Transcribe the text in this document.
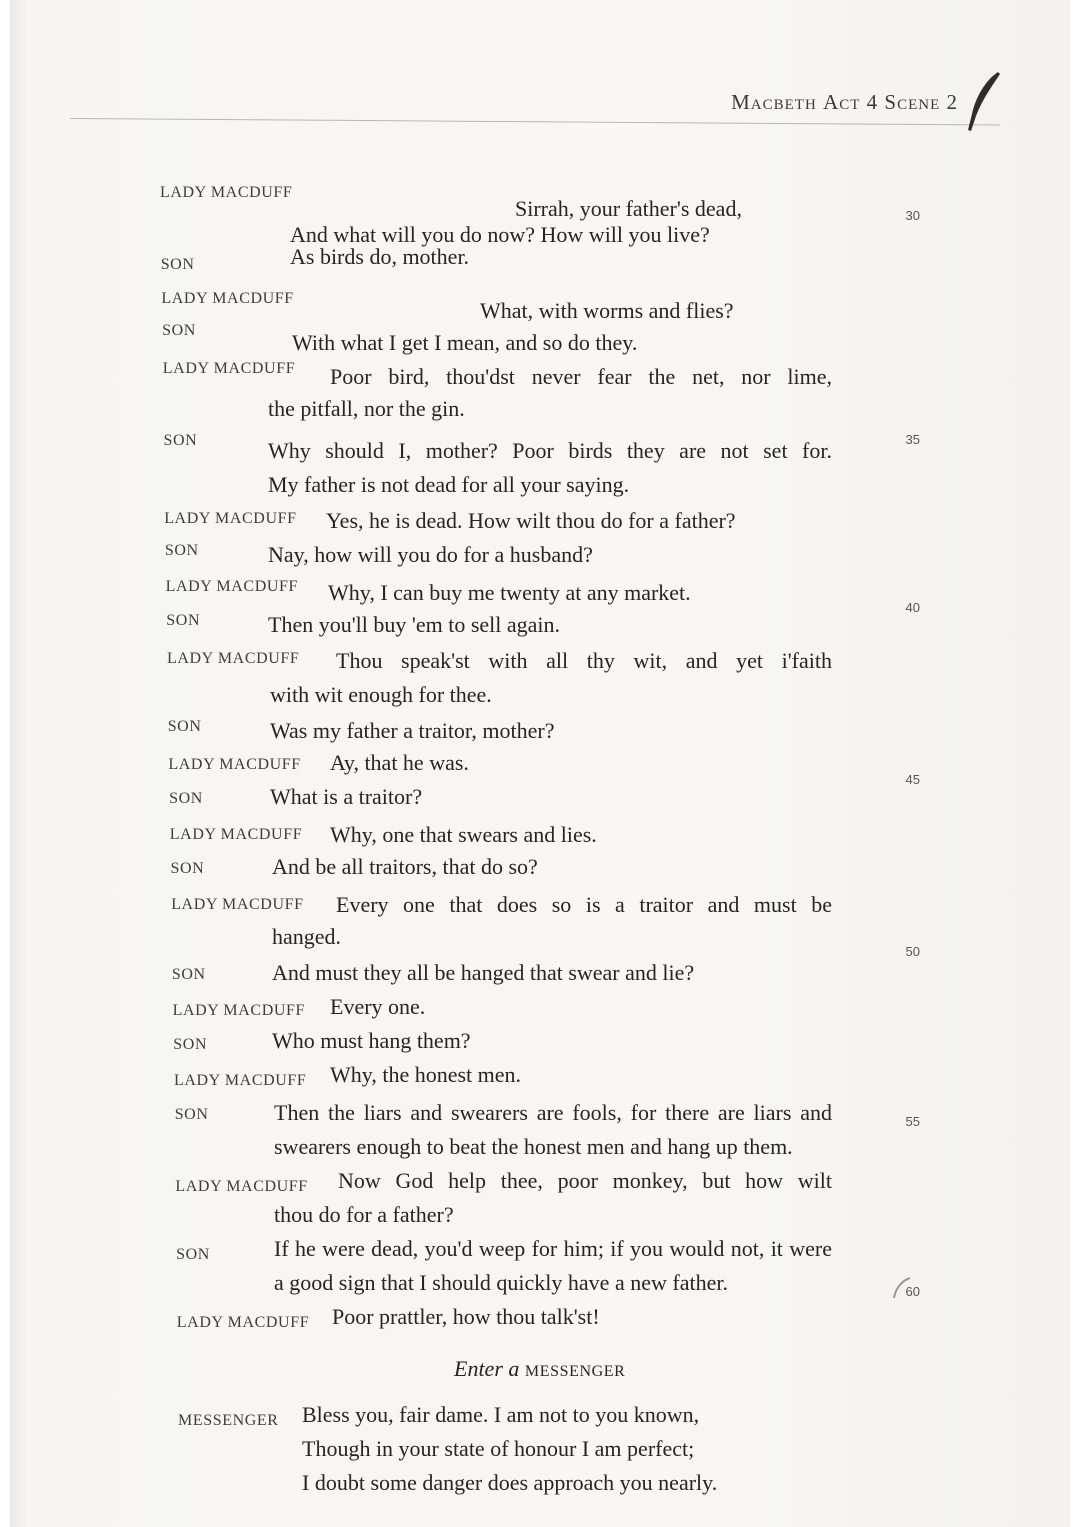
Macbeth Act 4 Scene 2
LADY MACDUFF
Sirrah, your father's dead,
And what will you do now? How will you live?
SON	As birds do, mother.
LADY MACDUFF	What, with worms and flies?
SON	With what I get I mean, and so do they.
LADY MACDUFF Poor bird, thou'dst never fear the net, nor lime,
the pitfall, nor the gin.
SON	Why should I, mother? Poor birds they are not set for.
My father is not dead for all your saying.
LADY MACDUFF Yes, he is dead. How wilt thou do for a father?
SON	Nay, how will you do for a husband?
LADY MACDUFF Why, I can buy me twenty at any market.
SON	Then you'll buy 'em to sell again.
LADY MACDUFF Thou speak'st with all thy wit, and yet i'faith
with wit enough for thee.
SON	Was my father a traitor, mother?
LADY MACDUFF Ay, that he was.
SON	What is a traitor?
LADY MACDUFF Why, one that swears and lies.
SON	And be all traitors, that do so?
LADY MACDUFF Every one that does so is a traitor and must be
hanged.
SON	And must they all be hanged that swear and lie?
LADY MACDUFF Every one.
SON	Who must hang them?
LADY MACDUFF Why, the honest men.
SON	Then the liars and swearers are fools, for there are liars and
swearers enough to beat the honest men and hang up them.
LADY MACDUFF Now God help thee, poor monkey, but how wilt
thou do for a father?
SON	If he were dead, you'd weep for him; if you would not, it were
a good sign that I should quickly have a new father.
LADY MACDUFF Poor prattler, how thou talk'st!
Enter a MESSENGER
MESSENGER Bless you, fair dame. I am not to you known,
Though in your state of honour I am perfect;
I doubt some danger does approach you nearly.
30
35
40
45
50
55
60
